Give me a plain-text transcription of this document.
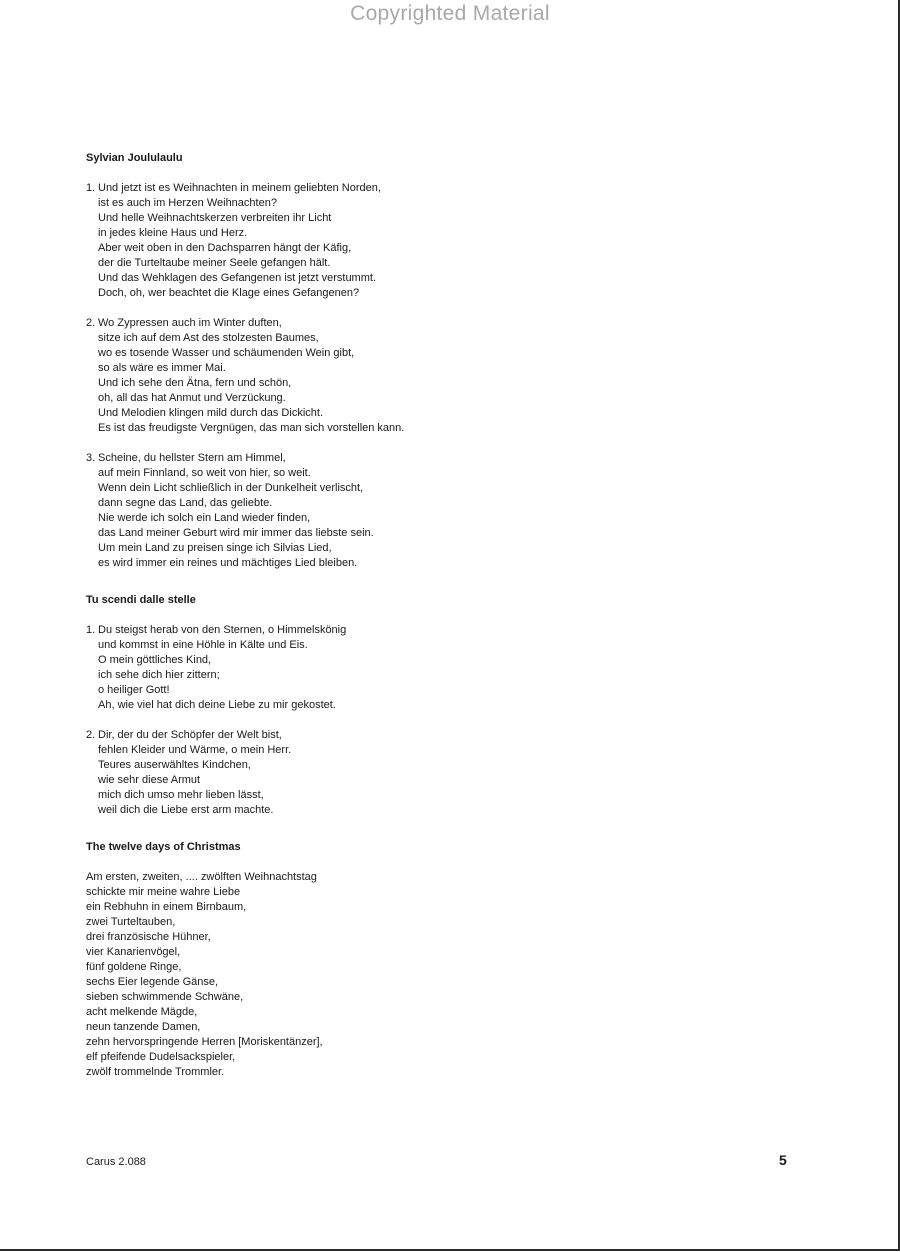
Copyrighted Material
Sylvian Joululaulu
1. Und jetzt ist es Weihnachten in meinem geliebten Norden,
ist es auch im Herzen Weihnachten?
Und helle Weihnachtskerzen verbreiten ihr Licht
in jedes kleine Haus und Herz.
Aber weit oben in den Dachsparren hängt der Käfig,
der die Turteltaube meiner Seele gefangen hält.
Und das Wehklagen des Gefangenen ist jetzt verstummt.
Doch, oh, wer beachtet die Klage eines Gefangenen?
2. Wo Zypressen auch im Winter duften,
sitze ich auf dem Ast des stolzesten Baumes,
wo es tosende Wasser und schäumenden Wein gibt,
so als wäre es immer Mai.
Und ich sehe den Ätna, fern und schön,
oh, all das hat Anmut und Verzückung.
Und Melodien klingen mild durch das Dickicht.
Es ist das freudigste Vergnügen, das man sich vorstellen kann.
3. Scheine, du hellster Stern am Himmel,
auf mein Finnland, so weit von hier, so weit.
Wenn dein Licht schließlich in der Dunkelheit verlischt,
dann segne das Land, das geliebte.
Nie werde ich solch ein Land wieder finden,
das Land meiner Geburt wird mir immer das liebste sein.
Um mein Land zu preisen singe ich Silvias Lied,
es wird immer ein reines und mächtiges Lied bleiben.
Tu scendi dalle stelle
1. Du steigst herab von den Sternen, o Himmelskönig
und kommst in eine Höhle in Kälte und Eis.
O mein göttliches Kind,
ich sehe dich hier zittern;
o heiliger Gott!
Ah, wie viel hat dich deine Liebe zu mir gekostet.
2. Dir, der du der Schöpfer der Welt bist,
fehlen Kleider und Wärme, o mein Herr.
Teures auserwähltes Kindchen,
wie sehr diese Armut
mich dich umso mehr lieben lässt,
weil dich die Liebe erst arm machte.
The twelve days of Christmas
Am ersten, zweiten, .... zwölften Weihnachtstag
schickte mir meine wahre Liebe
ein Rebhuhn in einem Birnbaum,
zwei Turteltauben,
drei französische Hühner,
vier Kanarienvögel,
fünf goldene Ringe,
sechs Eier legende Gänse,
sieben schwimmende Schwäne,
acht melkende Mägde,
neun tanzende Damen,
zehn hervorspringende Herren [Moriskentänzer],
elf pfeifende Dudelsackspieler,
zwölf trommelnde Trommler.
Carus 2.088	5
